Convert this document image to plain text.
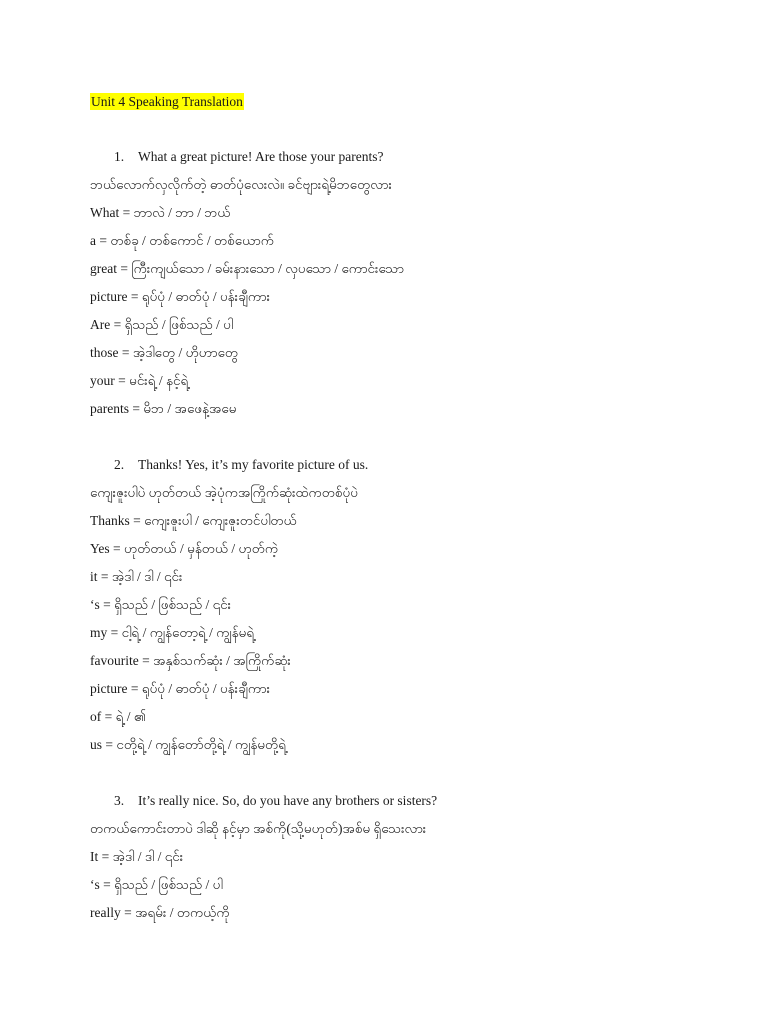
Unit 4 Speaking Translation
1. What a great picture! Are those your parents?
ဘယ်လောက်လှလိုက်တဲ့ ဓာတ်ပုံလေးလဲ။ ခင်ဗျားရဲ့မိဘတွေလား
What = ဘာလဲ / ဘာ / ဘယ်
a = တစ်ခု / တစ်ကောင် / တစ်ယောက်
great = ကြီးကျယ်သော / ခမ်းနားသော / လှပသော / ကောင်းသော
picture = ရုပ်ပုံ / ဓာတ်ပုံ / ပန်းချီကား
Are = ရှိသည် / ဖြစ်သည် / ပါ
those = အဲ့ဒါတွေ / ဟိုဟာတွေ
your = မင်းရဲ့ / နင့်ရဲ့
parents = မိဘ / အဖေနဲ့အမေ
2. Thanks! Yes, it’s my favorite picture of us.
ကျေးဇူးပါပဲ ဟုတ်တယ် အဲ့ပုံကအကြိုက်ဆုံးထဲကတစ်ပုံပဲ
Thanks = ကျေးဇူးပါ / ကျေးဇူးတင်ပါတယ်
Yes = ဟုတ်တယ် / မှန်တယ် / ဟုတ်ကဲ့
it = အဲ့ဒါ / ဒါ / ၎င်း
‘s = ရှိသည် / ဖြစ်သည် / ၎င်း
my = ငါ့ရဲ့ / ကျွန်တော့ရဲ့ / ကျွန်မရဲ့
favourite = အနှစ်သက်ဆုံး / အကြိုက်ဆုံး
picture = ရုပ်ပုံ / ဓာတ်ပုံ / ပန်းချီကား
of = ရဲ့ / ၏
us = ငတို့ရဲ့ / ကျွန်တော်တို့ရဲ့ / ကျွန်မတို့ရဲ့
3. It’s really nice. So, do you have any brothers or sisters?
တကယ်ကောင်းတာပဲ ဒါဆို နင့်မှာ အစ်ကို(သို့မဟုတ်)အစ်မ ရှိသေးလား
It = အဲ့ဒါ / ဒါ / ၎င်း
‘s = ရှိသည် / ဖြစ်သည် / ပါ
really = အရမ်း / တကယ့်ကို
